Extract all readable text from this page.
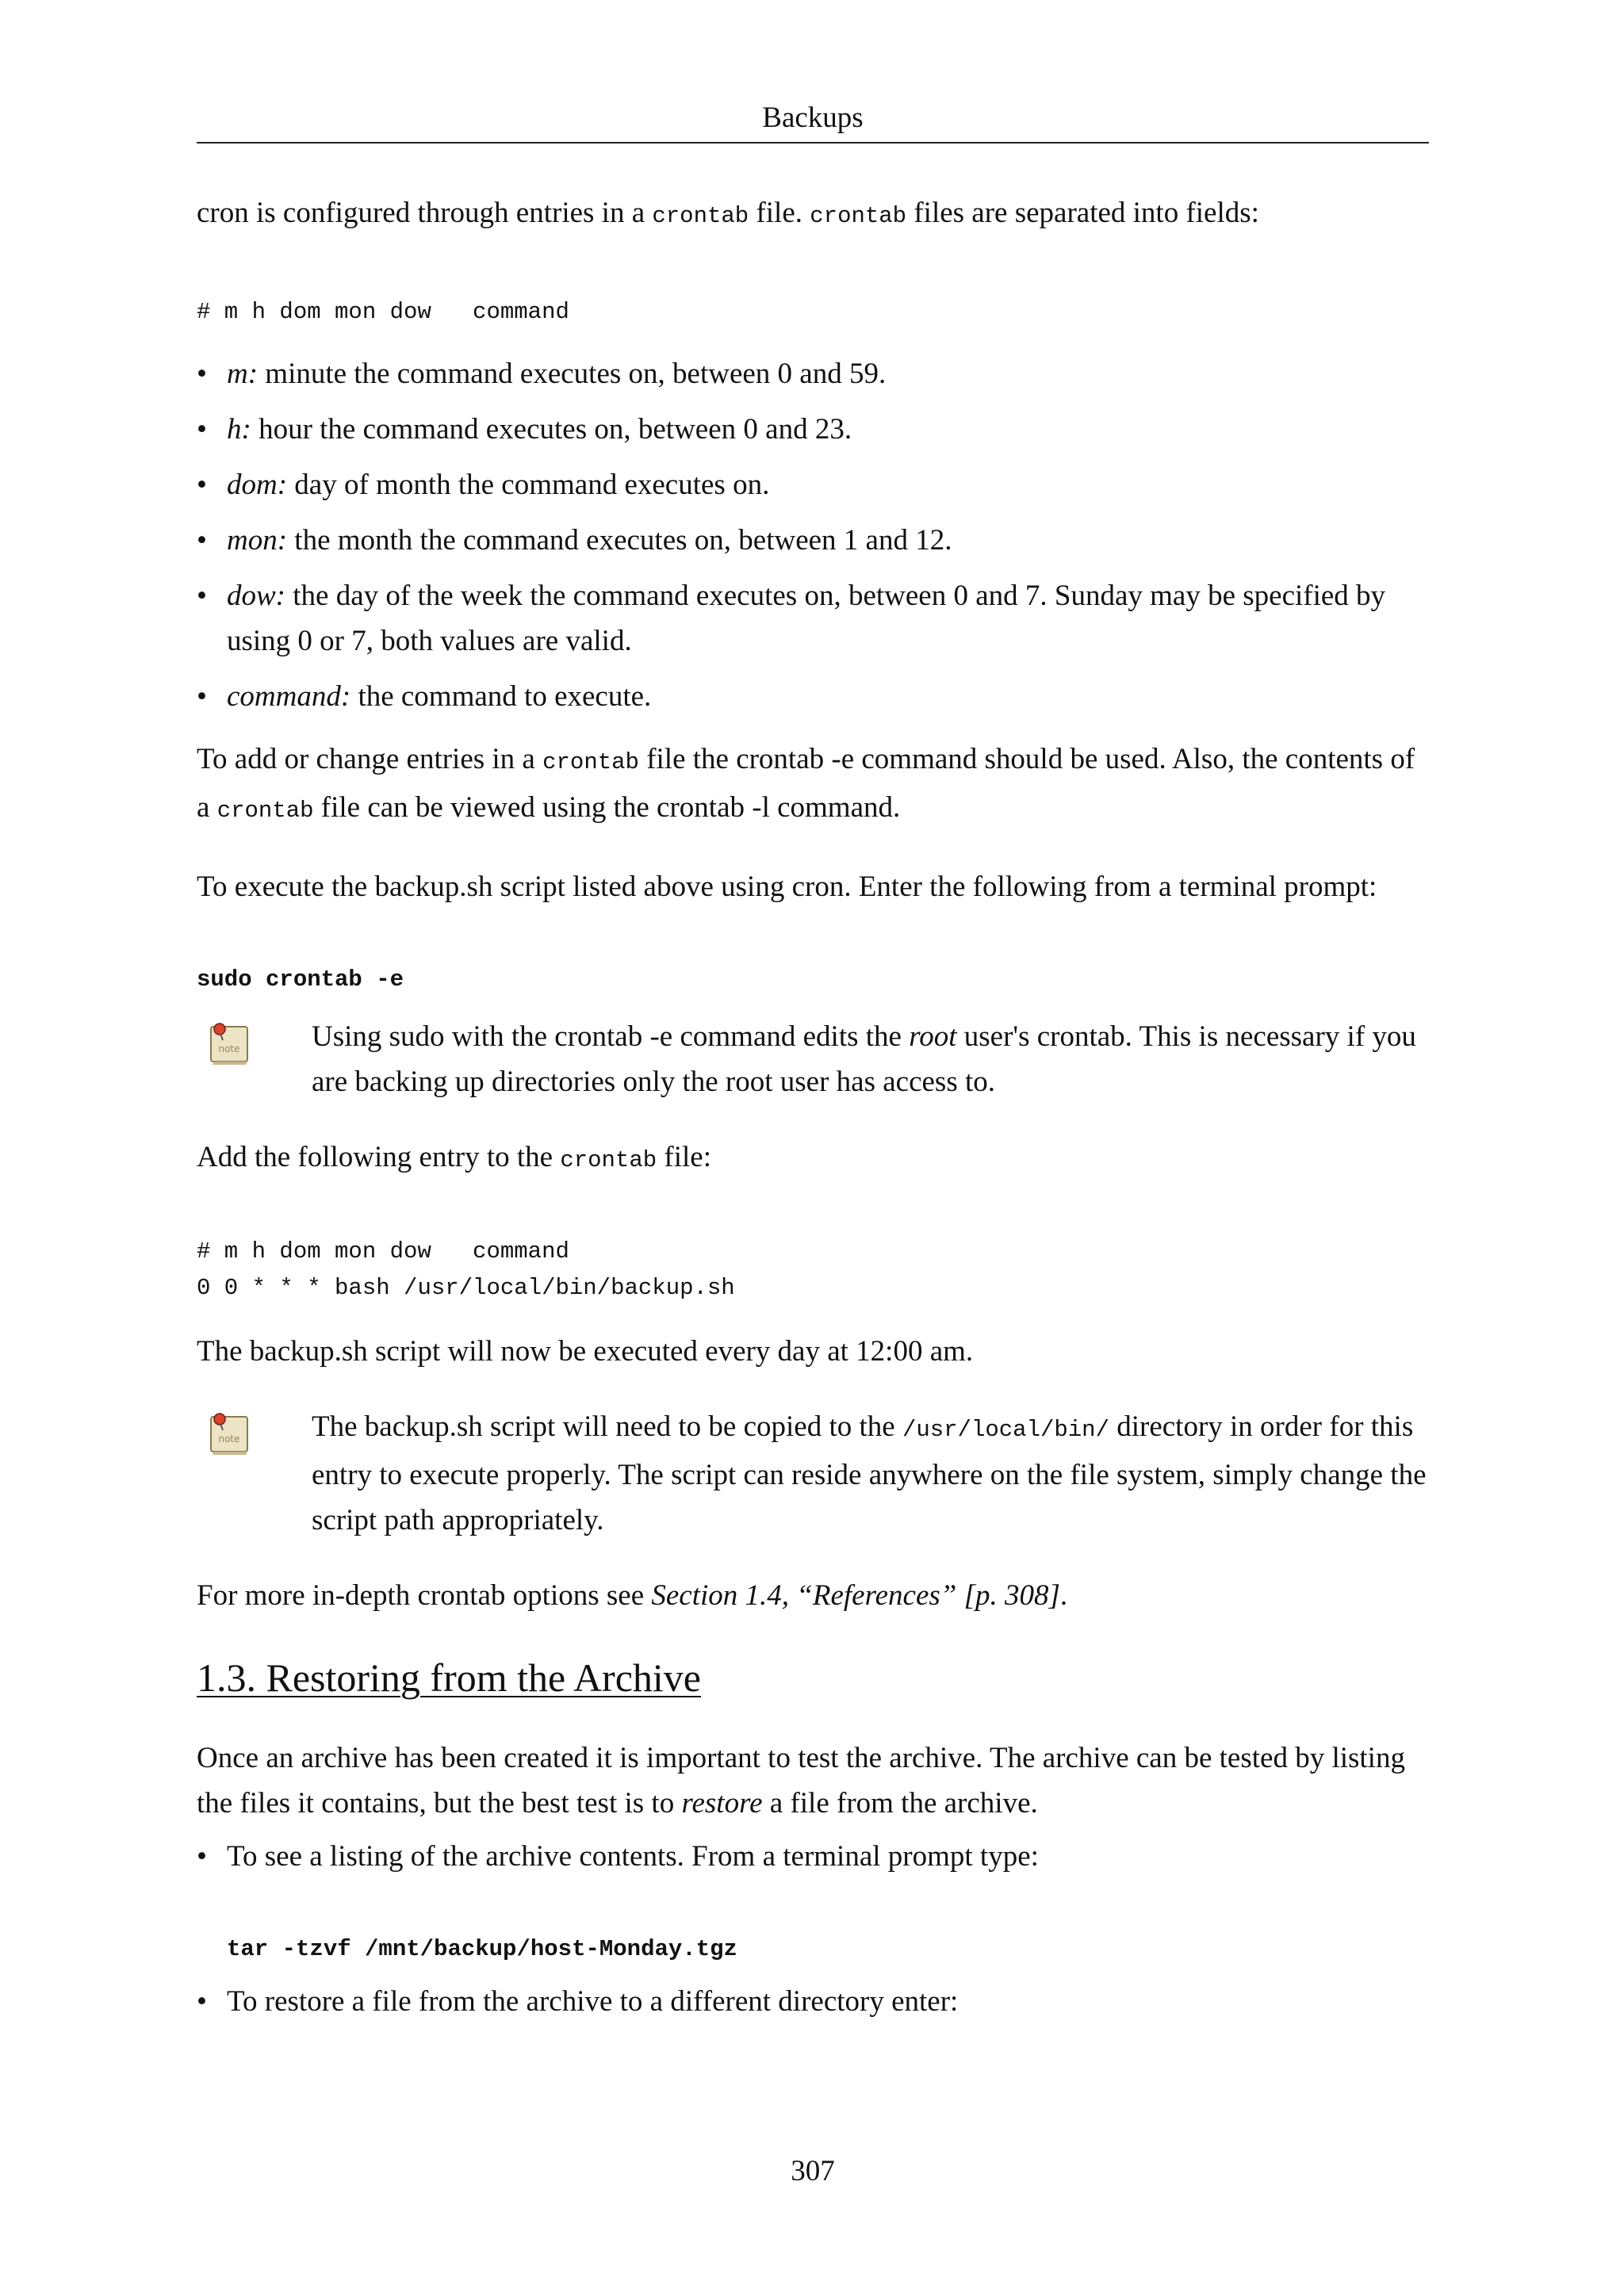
Backups

cron is configured through entries in a crontab file. crontab files are separated into fields:

# m h dom mon dow   command
• m: minute the command executes on, between 0 and 59.
• h: hour the command executes on, between 0 and 23.
• dom: day of month the command executes on.
• mon: the month the command executes on, between 1 and 12.
• dow: the day of the week the command executes on, between 0 and 7. Sunday may be specified by using 0 or 7, both values are valid.
• command: the command to execute.

To add or change entries in a crontab file the crontab -e command should be used. Also, the contents of a crontab file can be viewed using the crontab -l command.

To execute the backup.sh script listed above using cron. Enter the following from a terminal prompt:

sudo crontab -e
note Using sudo with the crontab -e command edits the root user's crontab. This is necessary if you are backing up directories only the root user has access to.

Add the following entry to the crontab file:

# m h dom mon dow   command
0 0 * * * bash /usr/local/bin/backup.sh

The backup.sh script will now be executed every day at 12:00 am.

note The backup.sh script will need to be copied to the /usr/local/bin/ directory in order for this entry to execute properly. The script can reside anywhere on the file system, simply change the script path appropriately.

For more in-depth crontab options see Section 1.4, “References” [p. 308].

1.3. Restoring from the Archive

Once an archive has been created it is important to test the archive. The archive can be tested by listing the files it contains, but the best test is to restore a file from the archive.

• To see a listing of the archive contents. From a terminal prompt type:
tar -tzvf /mnt/backup/host-Monday.tgz
• To restore a file from the archive to a different directory enter:
307
